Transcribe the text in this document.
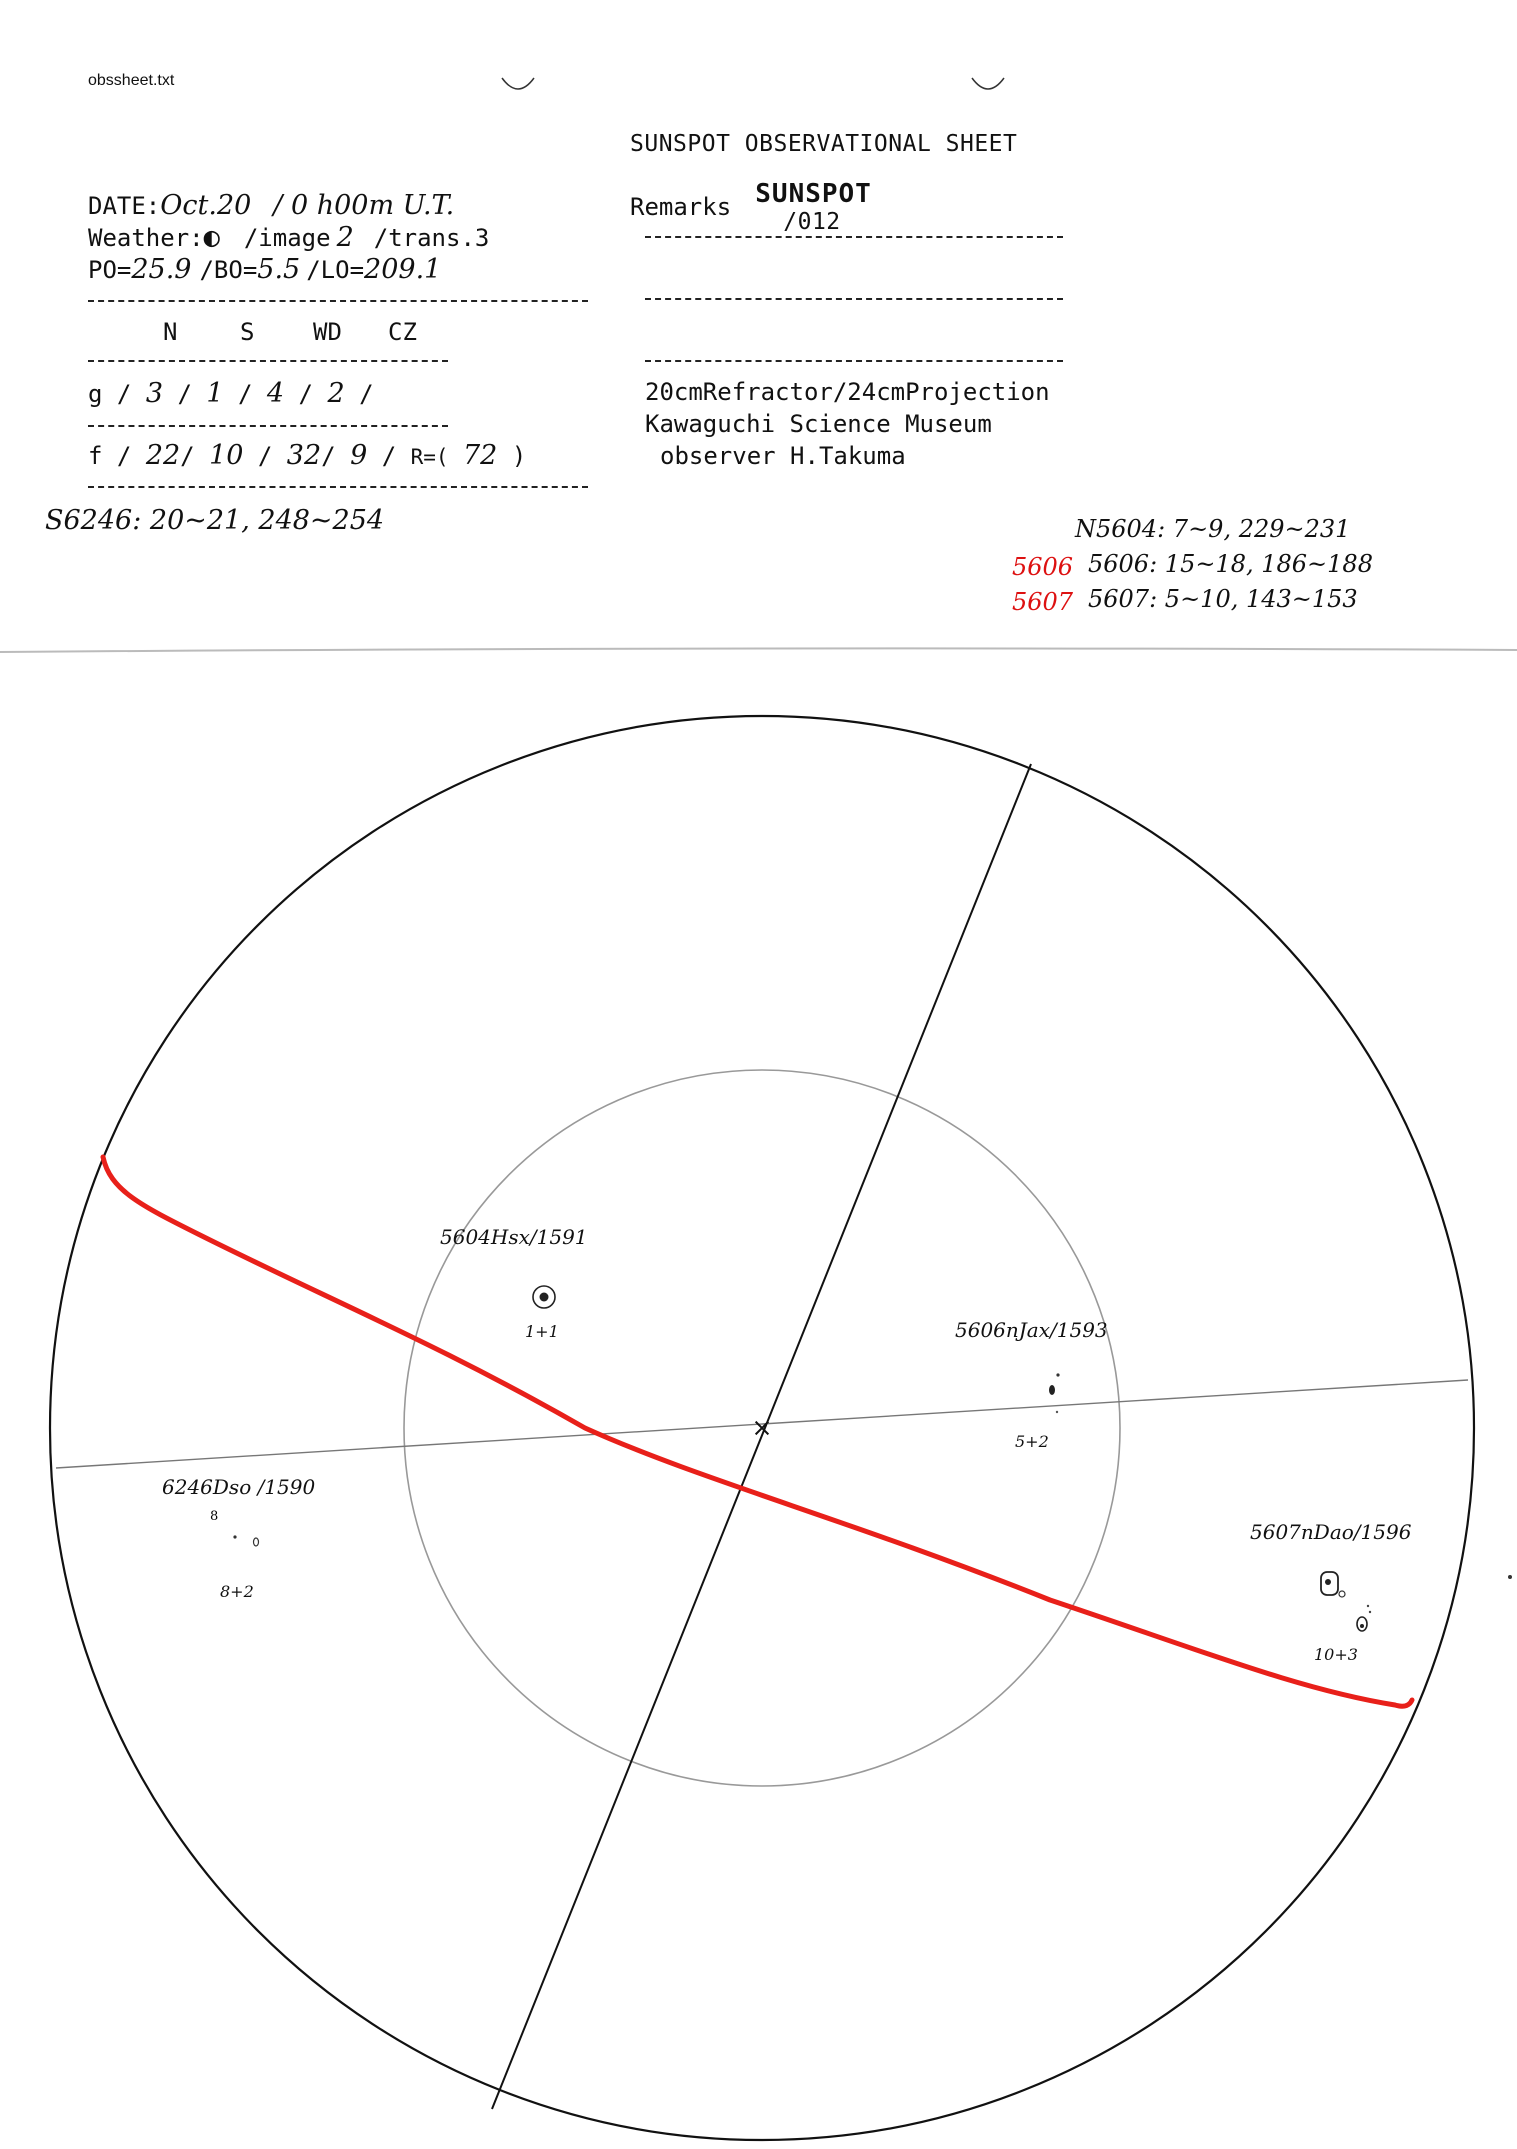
obssheet.txt
SUNSPOT OBSERVATIONAL SHEET

SUNSPOT
/012

DATE:Oct.20 / 0 h00m U.T.
Weather:◐ /image 2 /trans.3
PO=25.9 /BO=5.5 /LO=209.1
N	S WD CZ
g / 3 / 1 / 4 / 2 /
f / 22/ 10 / 32/ 9 / R=( 72 )
Remarks
20cmRefractor/24cmProjection
Kawaguchi Science Museum
observer H.Takuma
S6246: 20~21, 248~254	N5604: 7~9, 229~231
5606: 15~18, 186~188
5607: 5~10, 143~153
5606
5607
8
5604Hsx/1591
1+1	5606nJax/1593
5+2
6246Dso /1590
8+2
5607nDao/1596
10+3
